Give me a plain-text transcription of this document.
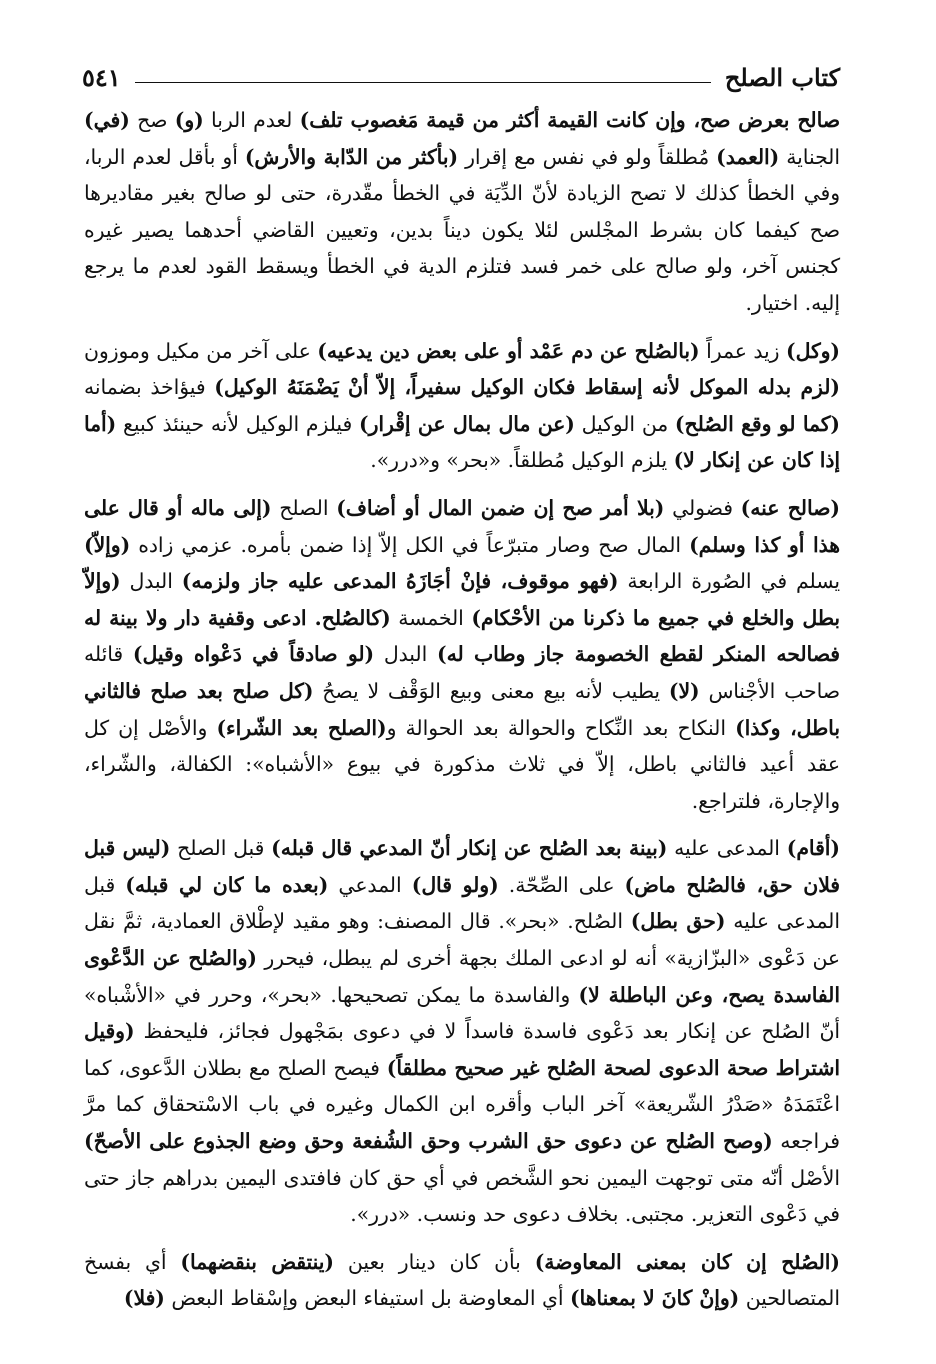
كتاب الصلح
٥٤١

صالح بعرض صح، وإن كانت القيمة أكثر من قيمة مَغصوب تلف) لعدم الربا (و) صح (في) الجناية (العمد) مُطلقاً ولو في نفس مع إقرار (بأكثر من الدّابة والأرش) أو بأقل لعدم الربا، وفي الخطأ كذلك لا تصح الزيادة لأنّ الدِّيَة في الخطأ مقّدرة، حتى لو صالح بغير مقاديرها صح كيفما كان بشرط المجْلس لئلا يكون ديناً بدين، وتعيين القاضي أحدهما يصير غيره كجنس آخر، ولو صالح على خمر فسد فتلزم الدية في الخطأ ويسقط القود لعدم ما يرجع إليه. اختيار.

(وكل) زيد عمراً (بالصُلح عن دم عَمْد أو على بعض دين يدعيه) على آخر من مكيل وموزون (لزم بدله الموكل لأنه إسقاط فكان الوكيل سفيراً، إلاّ أنْ يَضْمَنَهُ الوكيل) فيؤاخذ بضمانه (كما لو وقع الصُلح) من الوكيل (عن مال بمال عن إقْرار) فيلزم الوكيل لأنه حينئذ كبيع (أما إذا كان عن إنكار لا) يلزم الوكيل مُطلقاً. «بحر» و«درر».

(صالح عنه) فضولي (بلا أمر صح إن ضمن المال أو أضاف) الصلح (إلى ماله أو قال على هذا أو كذا وسلم) المال صح وصار متبرّعاً في الكل إلاّ إذا ضمن بأمره. عزمي زاده (وإلاّ) يسلم في الصُورة الرابعة (فهو موقوف، فإنْ أجَازَهُ المدعى عليه جاز ولزمه) البدل (وإلاّ بطل والخلع في جميع ما ذكرنا من الأحْكام) الخمسة (كالصُلح. ادعى وقفية دار ولا بينة له فصالحه المنكر لقطع الخصومة جاز وطاب له) البدل (لو صادقاً في دَعْواه وقيل) قائله صاحب الأجْناس (لا) يطيب لأنه بيع معنى وبيع الوَقْف لا يصحُ (كل صلح بعد صلح فالثاني باطل، وكذا) النكاح بعد النِّكاح والحوالة بعد الحوالة و(الصلح بعد الشّراء) والأصْل إن كل عقد أعيد فالثاني باطل، إلاّ في ثلاث مذكورة في بيوع «الأشباه»: الكفالة، والشّراء، والإجارة، فلتراجع.

(أقام) المدعى عليه (بينة بعد الصُلح عن إنكار أنّ المدعي قال قبله) قبل الصلح (ليس قبل فلان حق، فالصُلح ماض) على الصِّحّة. (ولو قال) المدعي (بعده ما كان لي قبله) قبل المدعى عليه (حق بطل) الصُلح. «بحر». قال المصنف: وهو مقيد لإطْلاق العمادية، ثمَّ نقل عن دَعْوى «البزّازية» أنه لو ادعى الملك بجهة أخرى لم يبطل، فيحرر (والصُلح عن الدَّعْوى الفاسدة يصح، وعن الباطلة لا) والفاسدة ما يمكن تصحيحها. «بحر»، وحرر في «الأشْباه» أنّ الصُلح عن إنكار بعد دَعْوى فاسدة فاسداً لا في دعوى بمَجْهول فجائز، فليحفظ (وقيل اشتراط صحة الدعوى لصحة الصُلح غير صحيح مطلقاً) فيصح الصلح مع بطلان الدَّعوى، كما اعْتَمَدَهُ «صَدْرُ الشّريعة» آخر الباب وأقره ابن الكمال وغيره في باب الاسْتحقاق كما مرَّ فراجعه (وصح الصُلح عن دعوى حق الشرب وحق الشُفعة وحق وضع الجذوع على الأصحّ) الأصْل أنّه متى توجهت اليمين نحو الشَّخص في أي حق كان فافتدى اليمين بدراهم جاز حتى في دَعْوى التعزير. مجتبى. بخلاف دعوى حد ونسب. «درر».

(الصُلح إن كان بمعنى المعاوضة) بأن كان دينار بعين (ينتقض بنقضهما) أي بفسخ المتصالحين (وإنْ كانَ لا بمعناها) أي المعاوضة بل استيفاء البعض وإسْقاط البعض (فلا)
